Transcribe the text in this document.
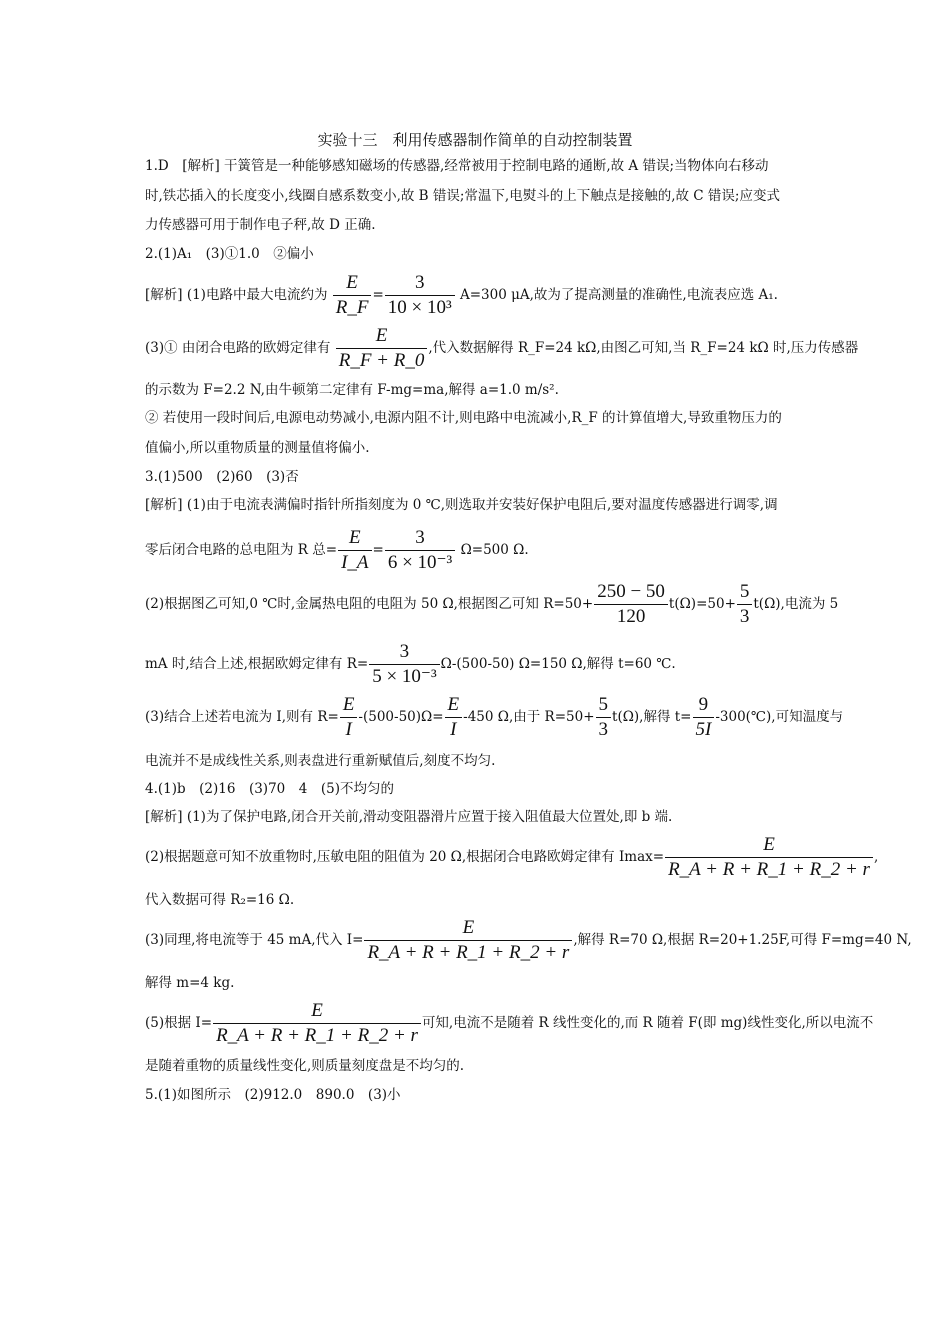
实验十三　利用传感器制作简单的自动控制装置
1.D　[解析] 干簧管是一种能够感知磁场的传感器,经常被用于控制电路的通断,故 A 错误;当物体向右移动
时,铁芯插入的长度变小,线圈自感系数变小,故 B 错误;常温下,电熨斗的上下触点是接触的,故 C 错误;应变式
力传感器可用于制作电子秤,故 D 正确.
2.(1)A₁　(3)①1.0　②偏小
[解析] (1)电路中最大电流约为 $\frac{E}{R\_F} = \frac{3}{\text{10 × 10³}} A=300$ μA,故为了提高测量的准确性,电流表应选 A₁.
(3)① 由闭合电路的欧姆定律有 $\frac{E}{R\_F + R\_0}$ ,代入数据解得 R_F=24 kΩ,由图乙可知,当 R_F=24 kΩ 时,压力传感器
的示数为 F=2.2 N,由牛顿第二定律有 F-mg=ma,解得 a=1.0 m/s².
② 若使用一段时间后,电源电动势减小,电源内阻不计,则电路中电流减小,R_F 的计算值增大,导致重物压力的
值偏小,所以重物质量的测量值将偏小.
3.(1)500　(2)60　(3)否
[解析] (1)由于电流表满偏时指针所指刻度为 0 ℃,则选取并安装好保护电阻后,要对温度传感器进行调零,调
零后闭合电路的总电阻为 R 总= $\frac{E}{I\_A} = \frac{3}{\text{6 × 10⁻³}} \Omega=500$ Ω.
(2)根据图乙可知,0 ℃时,金属热电阻的电阻为 50 Ω,根据图乙可知 $R=50+ \frac{250 - 50}{120} t(\Omega)=50+ \frac{5}{3} t(\Omega)$,电流为 5
mA 时,结合上述,根据欧姆定律有 $R= \frac{3}{\text{5 × 10⁻³}} \Omega-(500-50)$ Ω=150 Ω,解得 t=60 ℃.
(3)结合上述若电流为 I,则有 $R= \frac{E}{I} -(500-50)\Omega= \frac{E}{I} -450$ Ω,由于 $R=50+ \frac{5}{3} t(\Omega)$,解得 $t= \frac{9}{5I}$ -300(℃),可知温度与
电流并不是成线性关系,则表盘进行重新赋值后,刻度不均匀.
4.(1)b　(2)16　(3)70　4　(5)不均匀的
[解析] (1)为了保护电路,闭合开关前,滑动变阻器滑片应置于接入阻值最大位置处,即 b 端.
(2)根据题意可知不放重物时,压敏电阻的阻值为 20 Ω,根据闭合电路欧姆定律有 $Imax= \frac{E}{R\_A + R + R\_1 + R\_2 + r}$ ,
代入数据可得 R₂=16 Ω.
(3)同理,将电流等于 45 mA,代入 $I= \frac{E}{R\_A + R + R\_1 + R\_2 + r}$ ,解得 R=70 Ω,根据 R=20+1.25F,可得 F=mg=40 N,
解得 m=4 kg.
(5)根据 $I= \frac{E}{R\_A + R + R\_1 + R\_2 + r}$ 可知,电流不是随着 R 线性变化的,而 R 随着 F(即 mg)线性变化,所以电流不
是随着重物的质量线性变化,则质量刻度盘是不均匀的.
5.(1)如图所示　(2)912.0　890.0　(3)小
